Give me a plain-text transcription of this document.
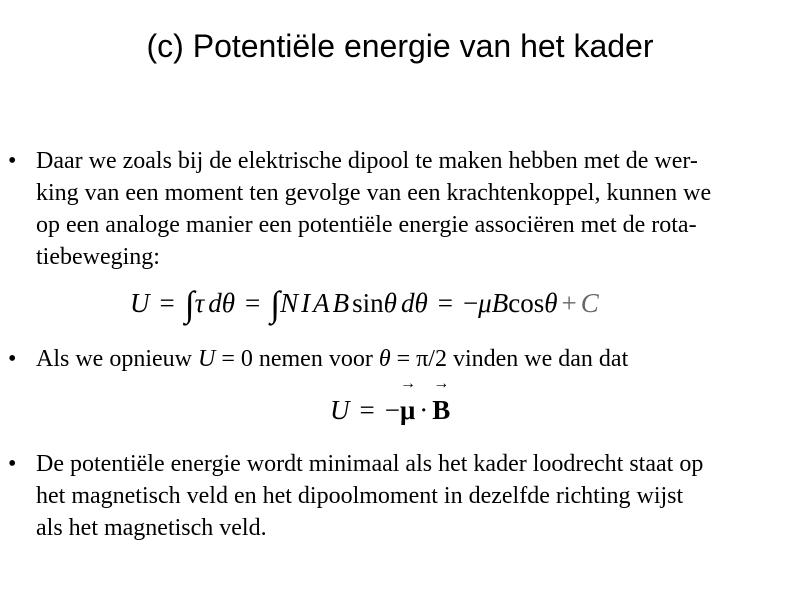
(c) Potentiële energie van het kader
• Daar we zoals bij de elektrische dipool te maken hebben met de wer-
king van een moment ten gevolge van een krachtenkoppel, kunnen we
op een analoge manier een potentiële energie associëren met de rota-
tiebeweging:
U = ∫τ dθ = ∫NIABsinθ dθ = −μBcosθ + C
• Als we opnieuw U = 0 nemen voor θ = π/2 vinden we dan dat
U = −
→
μ ·
→
B
• De potentiële energie wordt minimaal als het kader loodrecht staat op
het magnetisch veld en het dipoolmoment in dezelfde richting wijst
als het magnetisch veld.
